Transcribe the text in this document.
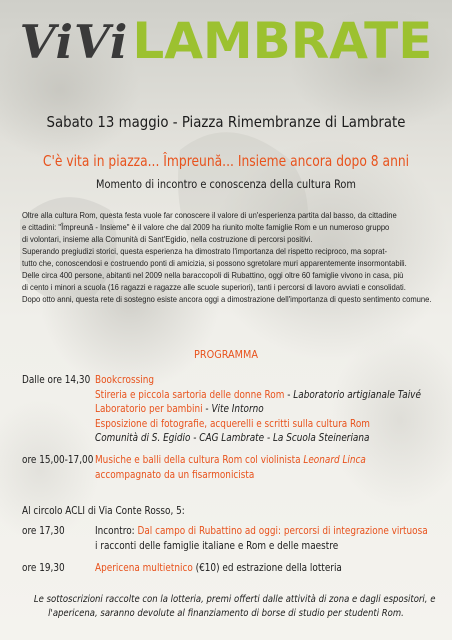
ViViLAMBRATE
Sabato 13 maggio - Piazza Rimembranze di Lambrate
C'è vita in piazza... Împreună... Insieme ancora dopo 8 anni
Momento di incontro e conoscenza della cultura Rom

Oltre alla cultura Rom, questa festa vuole far conoscere il valore di un'esperienza partita dal basso, da cittadine

e cittadini: "Împreună - Insieme" è il valore che dal 2009 ha riunito molte famiglie Rom e un numeroso gruppo

di volontari, insieme alla Comunità di Sant'Egidio, nella costruzione di percorsi positivi.

Superando pregiudizi storici, questa esperienza ha dimostrato l'importanza del rispetto reciproco, ma soprat-

tutto che, conoscendosi e costruendo ponti di amicizia, si possono sgretolare muri apparentemente insormontabili.

Delle circa 400 persone, abitanti nel 2009 nella baraccopoli di Rubattino, oggi oltre 60 famiglie vivono in casa, più

di cento i minori a scuola (16 ragazzi e ragazze alle scuole superiori), tanti i percorsi di lavoro avviati e consolidati.

Dopo otto anni, questa rete di sostegno esiste ancora oggi a dimostrazione dell'importanza di questo sentimento comune.

PROGRAMMA
Dalle ore 14,30 Bookcrossing
Stireria e piccola sartoria delle donne Rom - Laboratorio artigianale Taivé
Laboratorio per bambini - Vite Intorno
Esposizione di fotografie, acquerelli e scritti sulla cultura Rom
Comunità di S. Egidio - CAG Lambrate - La Scuola Steineriana
ore 15,00-17,00 Musiche e balli della cultura Rom col violinista Leonard Linca
accompagnato da un fisarmonicista
Al circolo ACLI di Via Conte Rosso, 5:
ore 17,30	Incontro: Dal campo di Rubattino ad oggi: percorsi di integrazione virtuosa
i racconti delle famiglie italiane e Rom e delle maestre
ore 19,30	Apericena multietnico (€10) ed estrazione della lotteria
Le sottoscrizioni raccolte con la lotteria, premi offerti dalle attività di zona e dagli espositori, e
l'apericena, saranno devolute al finanziamento di borse di studio per studenti Rom.
